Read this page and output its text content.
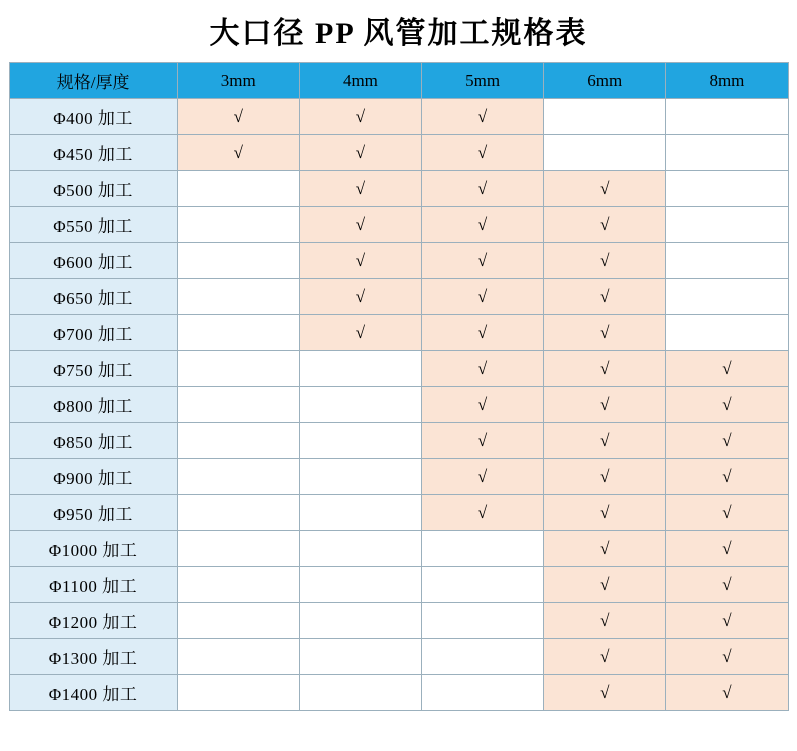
大口径 PP 风管加工规格表
规格/厚度	3mm	4mm	5mm	6mm	8mm
Φ400 加工	√	√	√		
Φ450 加工	√	√	√		
Φ500 加工		√	√	√	
Φ550 加工		√	√	√	
Φ600 加工		√	√	√	
Φ650 加工		√	√	√	
Φ700 加工		√	√	√	
Φ750 加工			√	√	√
Φ800 加工			√	√	√
Φ850 加工			√	√	√
Φ900 加工			√	√	√
Φ950 加工			√	√	√
Φ1000 加工				√	√
Φ1100 加工				√	√
Φ1200 加工				√	√
Φ1300 加工				√	√
Φ1400 加工				√	√
